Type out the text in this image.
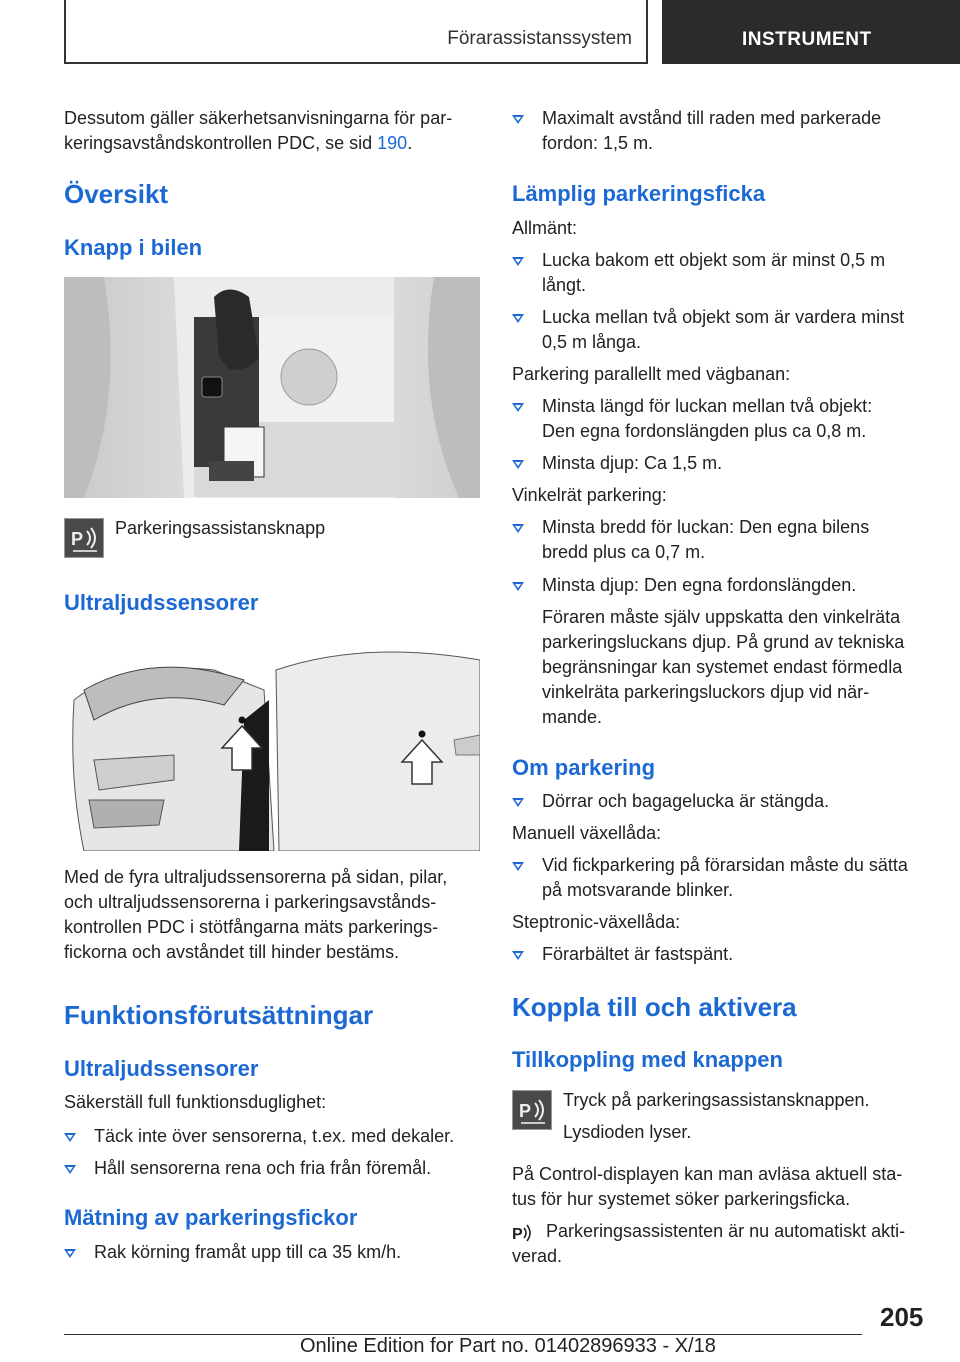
Förarassistanssystem	INSTRUMENT

Dessutom gäller säkerhetsanvisningarna för par‐

keringsavståndskontrollen PDC, se sid 190.

Översikt
Knapp i bilen
P

Parkeringsassistansknapp

Ultraljudssensorer

Med de fyra ultraljudssensorerna på sidan, pilar,

och ultraljudssensorerna i parkeringsavstånds‐

kontrollen PDC i stötfångarna mäts parkerings‐

fickorna och avståndet till hinder bestäms.

Funktionsförutsättningar
Ultraljudssensorer

Säkerställ full funktionsduglighet:

Täck inte över sensorerna, t.ex. med dekaler.
Håll sensorerna rena och fria från föremål.
Mätning av parkeringsfickor
Rak körning framåt upp till ca 35 km/h.
Maximalt avstånd till raden med parkerade

fordon: 1,5 m.

Lämplig parkeringsficka

Allmänt:

Lucka bakom ett objekt som är minst 0,5 m

långt.

Lucka mellan två objekt som är vardera minst

0,5 m långa.

Parkering parallellt med vägbanan:

Minsta längd för luckan mellan två objekt:

Den egna fordonslängden plus ca 0,8 m.

Minsta djup: Ca 1,5 m.

Vinkelrät parkering:

Minsta bredd för luckan: Den egna bilens

bredd plus ca 0,7 m.

Minsta djup: Den egna fordonslängden.

Föraren måste själv uppskatta den vinkelräta

parkeringsluckans djup. På grund av tekniska

begränsningar kan systemet endast förmedla

vinkelräta parkeringsluckors djup vid när‐

mande.

Om parkering
Dörrar och bagagelucka är stängda.

Manuell växellåda:

Vid fickparkering på förarsidan måste du sätta

på motsvarande blinker.

Steptronic-växellåda:

Förarbältet är fastspänt.
Koppla till och aktivera
Tillkoppling med knappen
P

Tryck på parkeringsassistansknappen.

Lysdioden lyser.

På Control-displayen kan man avläsa aktuell sta‐

tus för hur systemet söker parkeringsficka.

P Parkeringsassistenten är nu automatiskt akti‐

verad.

205
Online Edition for Part no. 01402896933 - X/18
